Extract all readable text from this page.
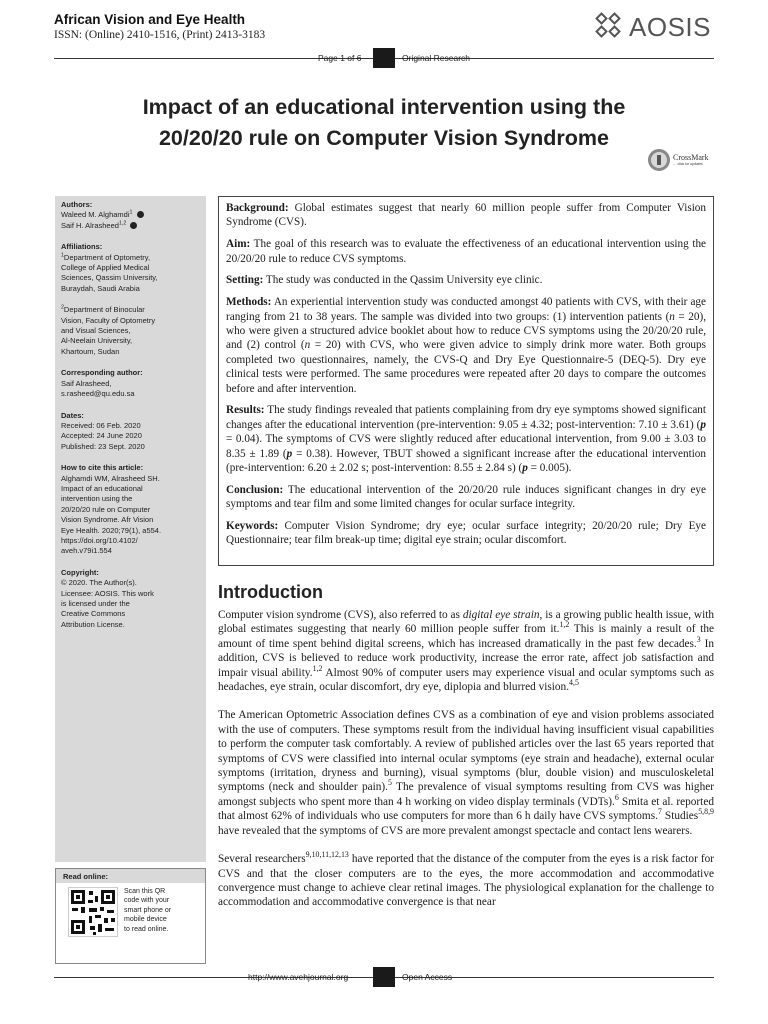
African Vision and Eye Health
ISSN: (Online) 2410-1516, (Print) 2413-3183	AOSIS
Page 1 of 6	Original Research
Impact of an educational intervention using the
20/20/20 rule on Computer Vision Syndrome
CrossMark
← click for updates
Authors:
Waleed M. Alghamdi$^1$
Saif H. Alrasheed$^{1,2}$
Affiliations:
$^1$Department of Optometry,
College of Applied Medical
Sciences, Qassim University,
Buraydah, Saudi Arabia
$^2$Department of Binocular
Vision, Faculty of Optometry
and Visual Sciences,
Al-Neelain University,
Khartoum, Sudan
Corresponding author:
Saif Alrasheed,
s.rasheed@qu.edu.sa
Dates:
Received: 06 Feb. 2020
Accepted: 24 June 2020
Published: 23 Sept. 2020
How to cite this article:
Alghamdi WM, Alrasheed SH.
Impact of an educational
intervention using the
20/20/20 rule on Computer
Vision Syndrome. Afr Vision
Eye Health. 2020;79(1), a554.
https://doi.org/10.4102/
aveh.v79i1.554
Copyright:
© 2020. The Author(s).
Licensee: AOSIS. This work
is licensed under the
Creative Commons
Attribution License.
Read online:
Scan this QR
code with your
smart phone or
mobile device
to read online.

Background: Global estimates suggest that nearly 60 million people suffer from Computer Vision Syndrome (CVS).

Aim: The goal of this research was to evaluate the effectiveness of an educational intervention using the 20/20/20 rule to reduce CVS symptoms.

Setting: The study was conducted in the Qassim University eye clinic.

Methods: An experiential intervention study was conducted amongst 40 patients with CVS, with their age ranging from 21 to 38 years. The sample was divided into two groups: (1) intervention patients (n = 20), who were given a structured advice booklet about how to reduce CVS symptoms using the 20/20/20 rule, and (2) control (n = 20) with CVS, who were given advice to simply drink more water. Both groups completed two questionnaires, namely, the CVS-Q and Dry Eye Questionnaire-5 (DEQ-5). Dry eye clinical tests were performed. The same procedures were repeated after 20 days to compare the outcomes before and after intervention.

Results: The study findings revealed that patients complaining from dry eye symptoms showed significant changes after the educational intervention (pre-intervention: 9.05 ± 4.32; post-intervention: 7.10 ± 3.61) (p = 0.04). The symptoms of CVS were slightly reduced after educational intervention, from 9.00 ± 3.03 to 8.35 ± 1.89 (p = 0.38). However, TBUT showed a significant increase after the educational intervention (pre-intervention: 6.20 ± 2.02 s; post-intervention: 8.55 ± 2.84 s) (p = 0.005).

Conclusion: The educational intervention of the 20/20/20 rule induces significant changes in dry eye symptoms and tear film and some limited changes for ocular surface integrity.

Keywords: Computer Vision Syndrome; dry eye; ocular surface integrity; 20/20/20 rule; Dry Eye Questionnaire; tear film break-up time; digital eye strain; ocular discomfort.

Introduction

Computer vision syndrome (CVS), also referred to as digital eye strain, is a growing public health issue, with global estimates suggesting that nearly 60 million people suffer from it.$^{1,2}$ This is mainly a result of the amount of time spent behind digital screens, which has increased dramatically in the past few decades.$^3$ In addition, CVS is believed to reduce work productivity, increase the error rate, affect job satisfaction and impair visual ability.$^{1,2}$ Almost 90% of computer users may experience visual and ocular symptoms such as headaches, eye strain, ocular discomfort, dry eye, diplopia and blurred vision.$^{4,5}$

The American Optometric Association defines CVS as a combination of eye and vision problems associated with the use of computers. These symptoms result from the individual having insufficient visual capabilities to perform the computer task comfortably. A review of published articles over the last 65 years reported that symptoms of CVS were classified into internal ocular symptoms (eye strain and headache), external ocular symptoms (irritation, dryness and burning), visual symptoms (blur, double vision) and musculoskeletal symptoms (neck and shoulder pain).$^5$ The prevalence of visual symptoms resulting from CVS was higher amongst subjects who spent more than 4 h working on video display terminals (VDTs).$^6$ Smita et al. reported that almost 62% of individuals who use computers for more than 6 h daily have CVS symptoms.$^7$ Studies$^{5,8,9}$ have revealed that the symptoms of CVS are more prevalent amongst spectacle and contact lens wearers.

Several researchers$^{9,10,11,12,13}$ have reported that the distance of the computer from the eyes is a risk factor for CVS and that the closer computers are to the eyes, the more accommodation and accommodative convergence must change to achieve clear retinal images. The physiological explanation for the challenge to accommodation and accommodative convergence is that near

http://www.avehjournal.org	Open Access
